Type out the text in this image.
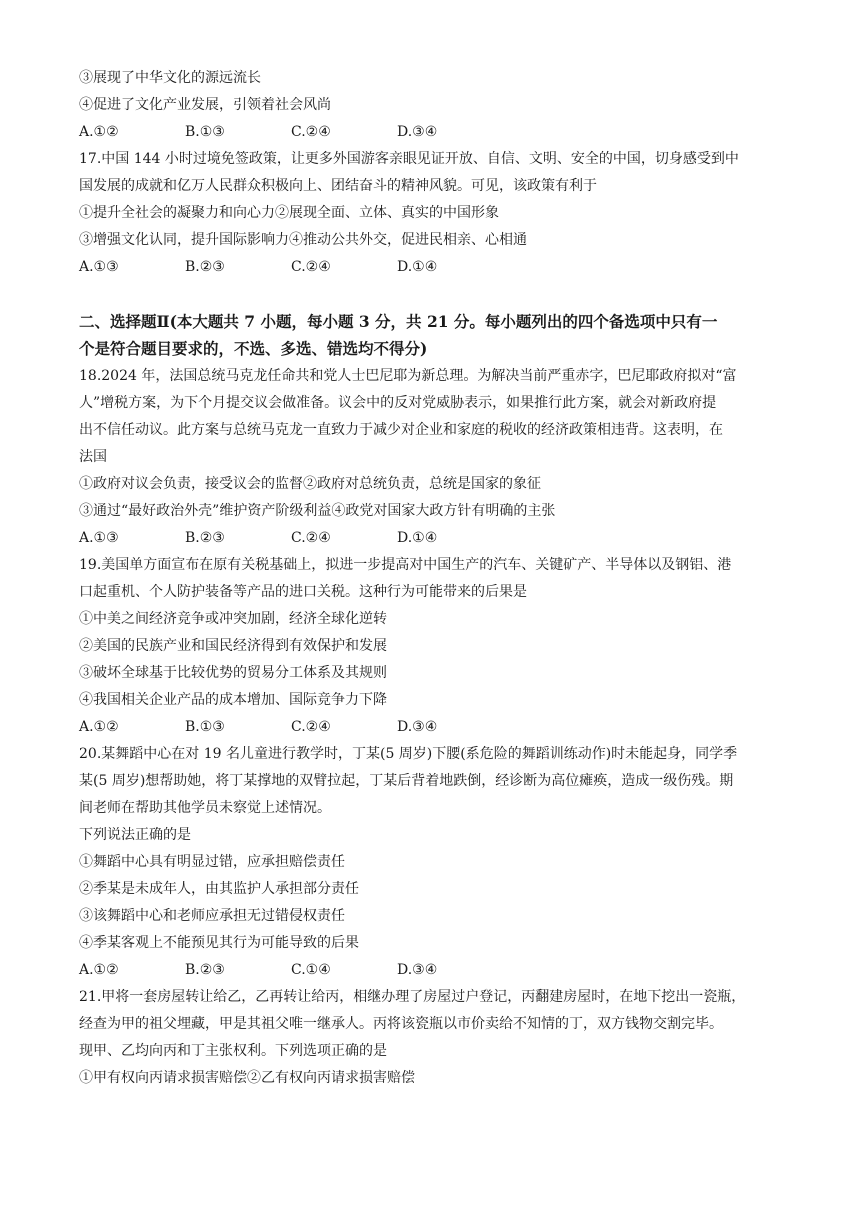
③展现了中华文化的源远流长
④促进了文化产业发展，引领着社会风尚
A.①②	B.①③	C.②④	D.③④
17.中国 144 小时过境免签政策，让更多外国游客亲眼见证开放、自信、文明、安全的中国，切身感受到中
国发展的成就和亿万人民群众积极向上、团结奋斗的精神风貌。可见，该政策有利于
①提升全社会的凝聚力和向心力②展现全面、立体、真实的中国形象
③增强文化认同，提升国际影响力④推动公共外交，促进民相亲、心相通
A.①③	B.②③	C.②④	D.①④
二、选择题Ⅱ(本大题共 7 小题，每小题 3 分，共 21 分。每小题列出的四个备选项中只有一
个是符合题目要求的，不选、多选、错选均不得分)
18.2024 年，法国总统马克龙任命共和党人士巴尼耶为新总理。为解决当前严重赤字，巴尼耶政府拟对“富
人”增税方案，为下个月提交议会做准备。议会中的反对党威胁表示，如果推行此方案，就会对新政府提
出不信任动议。此方案与总统马克龙一直致力于减少对企业和家庭的税收的经济政策相违背。这表明，在
法国
①政府对议会负责，接受议会的监督②政府对总统负责，总统是国家的象征
③通过“最好政治外壳”维护资产阶级利益④政党对国家大政方针有明确的主张
A.①③	B.②③	C.②④	D.①④
19.美国单方面宣布在原有关税基础上，拟进一步提高对中国生产的汽车、关键矿产、半导体以及钢铝、港
口起重机、个人防护装备等产品的进口关税。这种行为可能带来的后果是
①中美之间经济竞争或冲突加剧，经济全球化逆转
②美国的民族产业和国民经济得到有效保护和发展
③破坏全球基于比较优势的贸易分工体系及其规则
④我国相关企业产品的成本增加、国际竞争力下降
A.①②	B.①③	C.②④	D.③④
20.某舞蹈中心在对 19 名儿童进行教学时，丁某(5 周岁)下腰(系危险的舞蹈训练动作)时未能起身，同学季
某(5 周岁)想帮助她，将丁某撑地的双臂拉起，丁某后背着地跌倒，经诊断为高位瘫痪，造成一级伤残。期
间老师在帮助其他学员未察觉上述情况。
下列说法正确的是
①舞蹈中心具有明显过错，应承担赔偿责任
②季某是未成年人，由其监护人承担部分责任
③该舞蹈中心和老师应承担无过错侵权责任
④季某客观上不能预见其行为可能导致的后果
A.①②	B.②③	C.①④	D.③④
21.甲将一套房屋转让给乙，乙再转让给丙，相继办理了房屋过户登记，丙翻建房屋时，在地下挖出一瓷瓶，
经查为甲的祖父埋藏，甲是其祖父唯一继承人。丙将该瓷瓶以市价卖给不知情的丁，双方钱物交割完毕。
现甲、乙均向丙和丁主张权利。下列选项正确的是
①甲有权向丙请求损害赔偿②乙有权向丙请求损害赔偿
